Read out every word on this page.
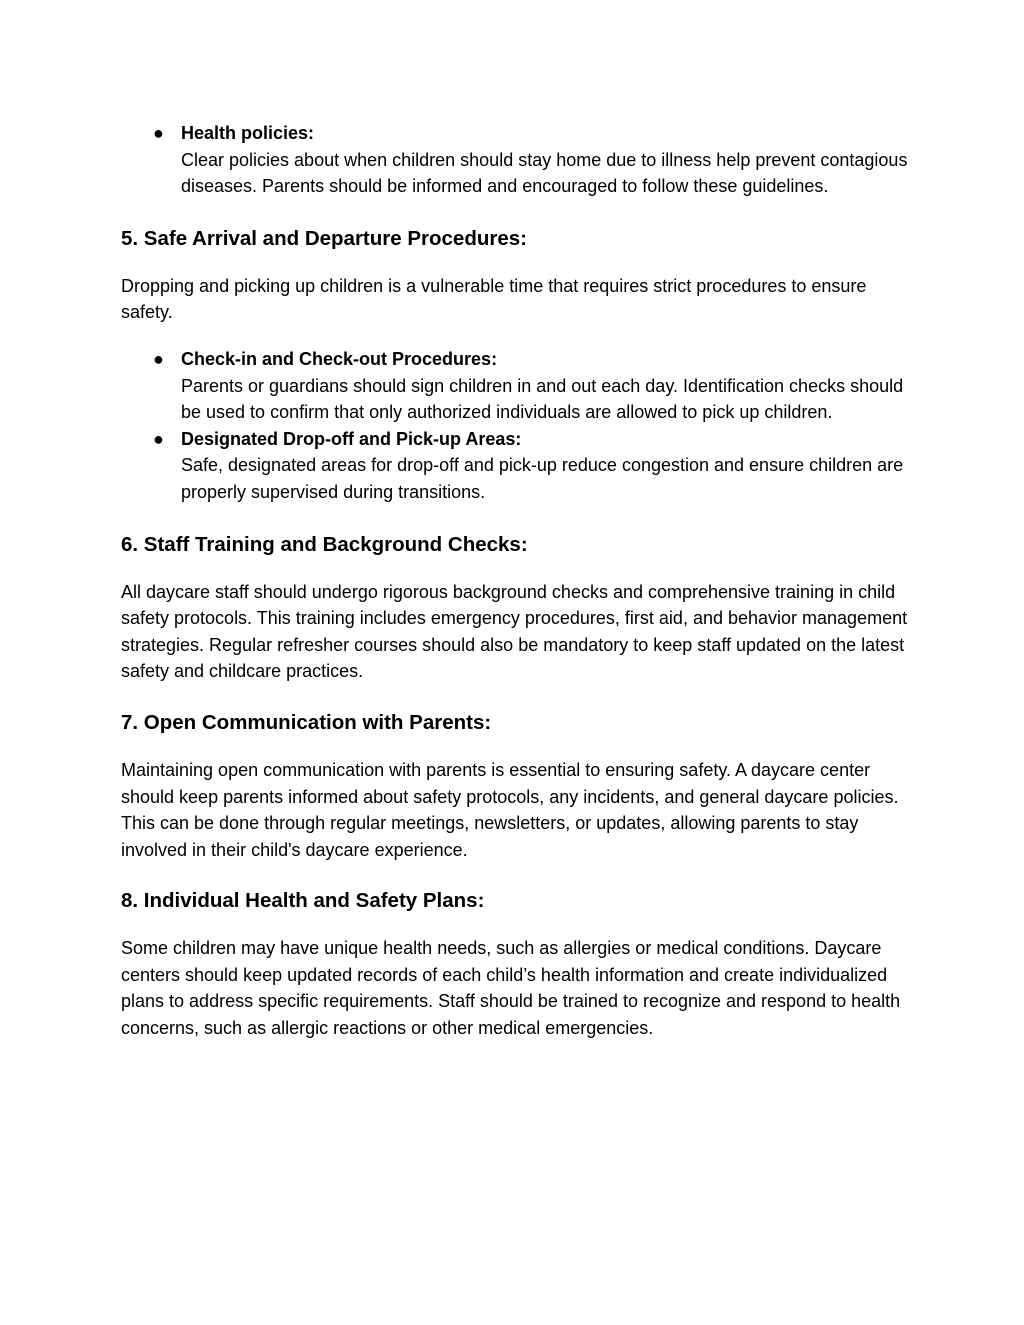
● Health policies:
Clear policies about when children should stay home due to illness help prevent contagious diseases. Parents should be informed and encouraged to follow these guidelines.
5. Safe Arrival and Departure Procedures:

Dropping and picking up children is a vulnerable time that requires strict procedures to ensure safety.

● Check-in and Check-out Procedures:
Parents or guardians should sign children in and out each day. Identification checks should be used to confirm that only authorized individuals are allowed to pick up children.
● Designated Drop-off and Pick-up Areas:
Safe, designated areas for drop-off and pick-up reduce congestion and ensure children are properly supervised during transitions.
6. Staff Training and Background Checks:

All daycare staff should undergo rigorous background checks and comprehensive training in child safety protocols. This training includes emergency procedures, first aid, and behavior management strategies. Regular refresher courses should also be mandatory to keep staff updated on the latest safety and childcare practices.

7. Open Communication with Parents:

Maintaining open communication with parents is essential to ensuring safety. A daycare center should keep parents informed about safety protocols, any incidents, and general daycare policies. This can be done through regular meetings, newsletters, or updates, allowing parents to stay involved in their child's daycare experience.

8. Individual Health and Safety Plans:

Some children may have unique health needs, such as allergies or medical conditions. Daycare centers should keep updated records of each child’s health information and create individualized plans to address specific requirements. Staff should be trained to recognize and respond to health concerns, such as allergic reactions or other medical emergencies.
